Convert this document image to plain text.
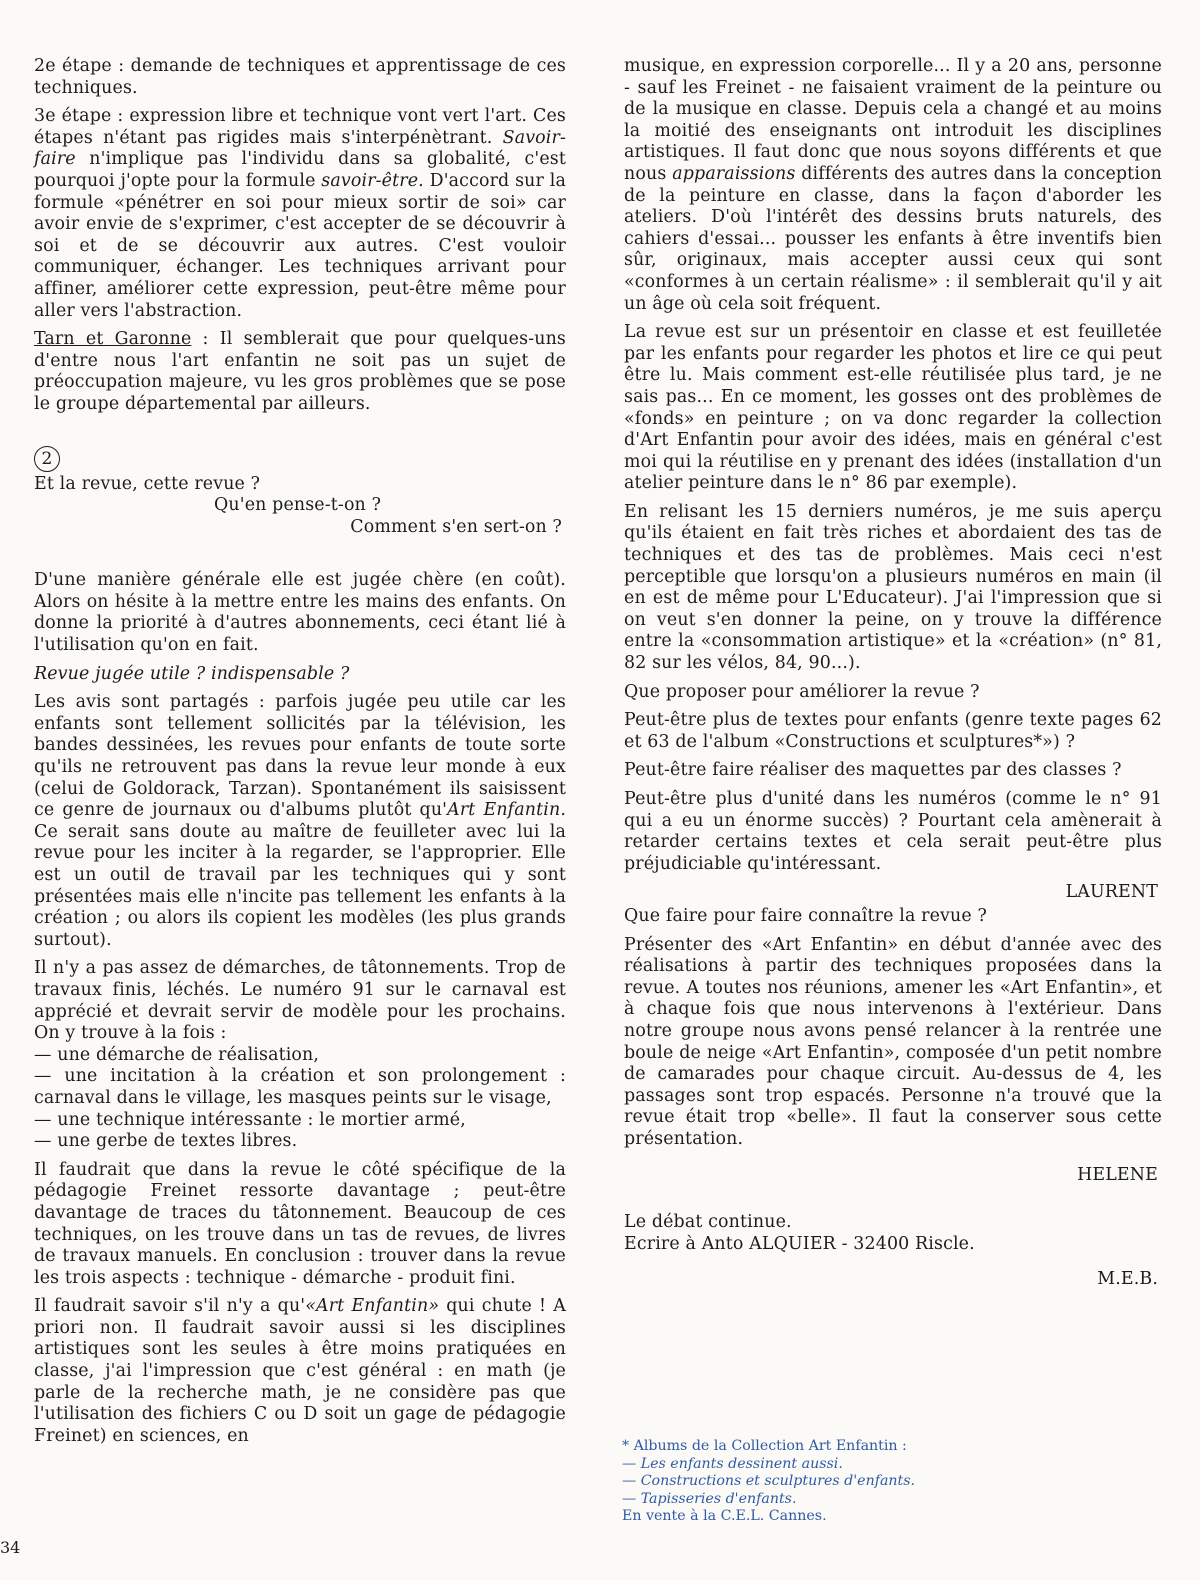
2e étape : demande de techniques et apprentissage de ces techniques.

3e étape : expression libre et technique vont vert l'art. Ces étapes n'étant pas rigides mais s'interpénètrant. Savoir-faire n'implique pas l'individu dans sa globalité, c'est pourquoi j'opte pour la formule savoir-être. D'accord sur la formule «pénétrer en soi pour mieux sortir de soi» car avoir envie de s'exprimer, c'est accepter de se découvrir à soi et de se découvrir aux autres. C'est vouloir communiquer, échanger. Les techniques arrivant pour affiner, améliorer cette expression, peut-être même pour aller vers l'abstraction.

Tarn et Garonne : Il semblerait que pour quelques-uns d'entre nous l'art enfantin ne soit pas un sujet de préoccupation majeure, vu les gros problèmes que se pose le groupe départemental par ailleurs.

2
Et la revue, cette revue ?
Qu'en pense-t-on ?
Comment s'en sert-on ?

D'une manière générale elle est jugée chère (en coût). Alors on hésite à la mettre entre les mains des enfants. On donne la priorité à d'autres abonnements, ceci étant lié à l'utilisation qu'on en fait.

Revue jugée utile ? indispensable ?

Les avis sont partagés : parfois jugée peu utile car les enfants sont tellement sollicités par la télévision, les bandes dessinées, les revues pour enfants de toute sorte qu'ils ne retrouvent pas dans la revue leur monde à eux (celui de Goldorack, Tarzan). Spontanément ils saisissent ce genre de journaux ou d'albums plutôt qu'Art Enfantin. Ce serait sans doute au maître de feuilleter avec lui la revue pour les inciter à la regarder, se l'approprier. Elle est un outil de travail par les techniques qui y sont présentées mais elle n'incite pas tellement les enfants à la création ; ou alors ils copient les modèles (les plus grands surtout).

Il n'y a pas assez de démarches, de tâtonnements. Trop de travaux finis, léchés. Le numéro 91 sur le carnaval est apprécié et devrait servir de modèle pour les prochains. On y trouve à la fois :

— une démarche de réalisation,

— une incitation à la création et son prolongement : carnaval dans le village, les masques peints sur le visage,

— une technique intéressante : le mortier armé,

— une gerbe de textes libres.

Il faudrait que dans la revue le côté spécifique de la pédagogie Freinet ressorte davantage ; peut-être davantage de traces du tâtonnement. Beaucoup de ces techniques, on les trouve dans un tas de revues, de livres de travaux manuels. En conclusion : trouver dans la revue les trois aspects : technique - démarche - produit fini.

Il faudrait savoir s'il n'y a qu'«Art Enfantin» qui chute ! A priori non. Il faudrait savoir aussi si les disciplines artistiques sont les seules à être moins pratiquées en classe, j'ai l'impression que c'est général : en math (je parle de la recherche math, je ne considère pas que l'utilisation des fichiers C ou D soit un gage de pédagogie Freinet) en sciences, en

musique, en expression corporelle... Il y a 20 ans, personne - sauf les Freinet - ne faisaient vraiment de la peinture ou de la musique en classe. Depuis cela a changé et au moins la moitié des enseignants ont introduit les disciplines artistiques. Il faut donc que nous soyons différents et que nous apparaissions différents des autres dans la conception de la peinture en classe, dans la façon d'aborder les ateliers. D'où l'intérêt des dessins bruts naturels, des cahiers d'essai... pousser les enfants à être inventifs bien sûr, originaux, mais accepter aussi ceux qui sont «conformes à un certain réalisme» : il semblerait qu'il y ait un âge où cela soit fréquent.

La revue est sur un présentoir en classe et est feuilletée par les enfants pour regarder les photos et lire ce qui peut être lu. Mais comment est-elle réutilisée plus tard, je ne sais pas... En ce moment, les gosses ont des problèmes de «fonds» en peinture ; on va donc regarder la collection d'Art Enfantin pour avoir des idées, mais en général c'est moi qui la réutilise en y prenant des idées (installation d'un atelier peinture dans le n° 86 par exemple).

En relisant les 15 derniers numéros, je me suis aperçu qu'ils étaient en fait très riches et abordaient des tas de techniques et des tas de problèmes. Mais ceci n'est perceptible que lorsqu'on a plusieurs numéros en main (il en est de même pour L'Educateur). J'ai l'impression que si on veut s'en donner la peine, on y trouve la différence entre la «consommation artistique» et la «création» (n° 81, 82 sur les vélos, 84, 90...).

Que proposer pour améliorer la revue ?

Peut-être plus de textes pour enfants (genre texte pages 62 et 63 de l'album «Constructions et sculptures*») ?

Peut-être faire réaliser des maquettes par des classes ?

Peut-être plus d'unité dans les numéros (comme le n° 91 qui a eu un énorme succès) ? Pourtant cela amènerait à retarder certains textes et cela serait peut-être plus préjudiciable qu'intéressant.

LAURENT

Que faire pour faire connaître la revue ?

Présenter des «Art Enfantin» en début d'année avec des réalisations à partir des techniques proposées dans la revue. A toutes nos réunions, amener les «Art Enfantin», et à chaque fois que nous intervenons à l'extérieur. Dans notre groupe nous avons pensé relancer à la rentrée une boule de neige «Art Enfantin», composée d'un petit nombre de camarades pour chaque circuit. Au-dessus de 4, les passages sont trop espacés. Personne n'a trouvé que la revue était trop «belle». Il faut la conserver sous cette présentation.

HELENE

Le débat continue.

Ecrire à Anto ALQUIER - 32400 Riscle.

M.E.B.

* Albums de la Collection Art Enfantin :
— Les enfants dessinent aussi.
— Constructions et sculptures d'enfants.
— Tapisseries d'enfants.
En vente à la C.E.L. Cannes.
34
